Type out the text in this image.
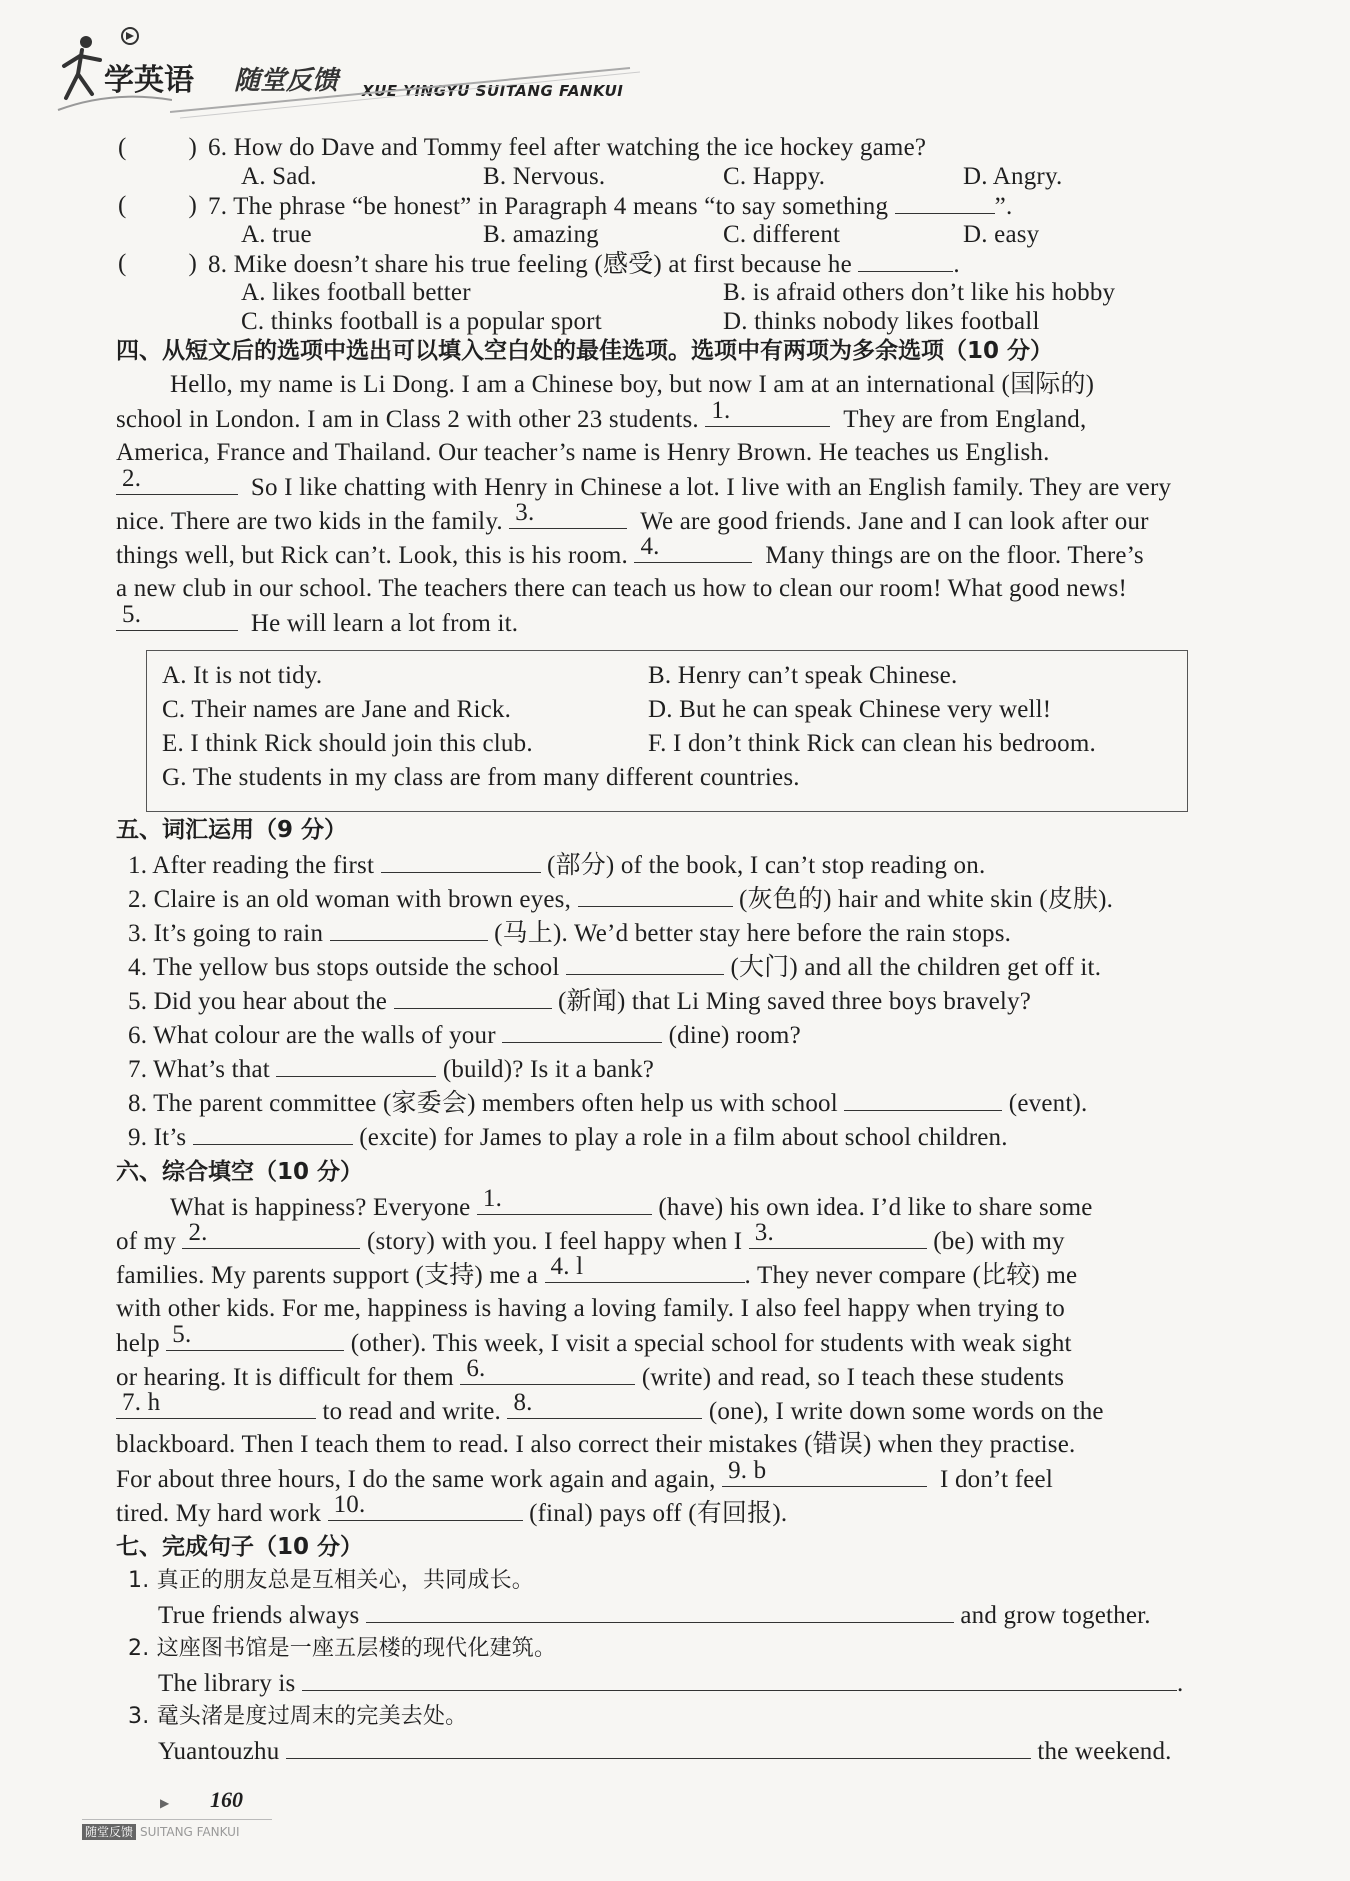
学英语 随堂反馈 XUE YINGYU SUITANG FANKUI
( ) 6. How do Dave and Tommy feel after watching the ice hockey game?
A. Sad.	B. Nervous.	C. Happy.	D. Angry.
( ) 7. The phrase “be honest” in Paragraph 4 means “to say something	”.
A. true	B. amazing	C. different	D. easy
( ) 8. Mike doesn’t share his true feeling (感受) at first because he	.
A. likes football better	B. is afraid others don’t like his hobby
C. thinks football is a popular sport	D. thinks nobody likes football
四、从短文后的选项中选出可以填入空白处的最佳选项。选项中有两项为多余选项（10 分）
Hello, my name is Li Dong. I am a Chinese boy, but now I am at an international (国际的)
school in London. I am in Class 2 with other 23 students. 1.	They are from England,
America, France and Thailand. Our teacher’s name is Henry Brown. He teaches us English.
2.	So I like chatting with Henry in Chinese a lot. I live with an English family. They are very
nice. There are two kids in the family. 3.	We are good friends. Jane and I can look after our
things well, but Rick can’t. Look, this is his room. 4.	Many things are on the floor. There’s
a new club in our school. The teachers there can teach us how to clean our room! What good news!
5.	He will learn a lot from it.
A. It is not tidy.	B. Henry can’t speak Chinese.
C. Their names are Jane and Rick.	D. But he can speak Chinese very well!
E. I think Rick should join this club.	F. I don’t think Rick can clean his bedroom.
G. The students in my class are from many different countries.
五、词汇运用（9 分）
1. After reading the first	(部分) of the book, I can’t stop reading on.
2. Claire is an old woman with brown eyes,	(灰色的) hair and white skin (皮肤).
3. It’s going to rain	(马上). We’d better stay here before the rain stops.
4. The yellow bus stops outside the school	(大门) and all the children get off it.
5. Did you hear about the	(新闻) that Li Ming saved three boys bravely?
6. What colour are the walls of your	(dine) room?
7. What’s that	(build)? Is it a bank?
8. The parent committee (家委会) members often help us with school	(event).
9. It’s	(excite) for James to play a role in a film about school children.
六、综合填空（10 分）
What is happiness? Everyone 1.	(have) his own idea. I’d like to share some
of my 2.	(story) with you. I feel happy when I 3.	(be) with my
families. My parents support (支持) me a 4. l	. They never compare (比较) me
with other kids. For me, happiness is having a loving family. I also feel happy when trying to
help 5.	(other). This week, I visit a special school for students with weak sight
or hearing. It is difficult for them 6.	(write) and read, so I teach these students
7. h	to read and write. 8.	(one), I write down some words on the
blackboard. Then I teach them to read. I also correct their mistakes (错误) when they practise.
For about three hours, I do the same work again and again, 9. b	I don’t feel
tired. My hard work 10.	(final) pays off (有回报).
七、完成句子（10 分）
1. 真正的朋友总是互相关心，共同成长。
True friends always	and grow together.
2. 这座图书馆是一座五层楼的现代化建筑。
The library is	.
3. 鼋头渚是度过周末的完美去处。
Yuantouzhu	the weekend.
▶ 160
随堂反馈 SUITANG FANKUI
